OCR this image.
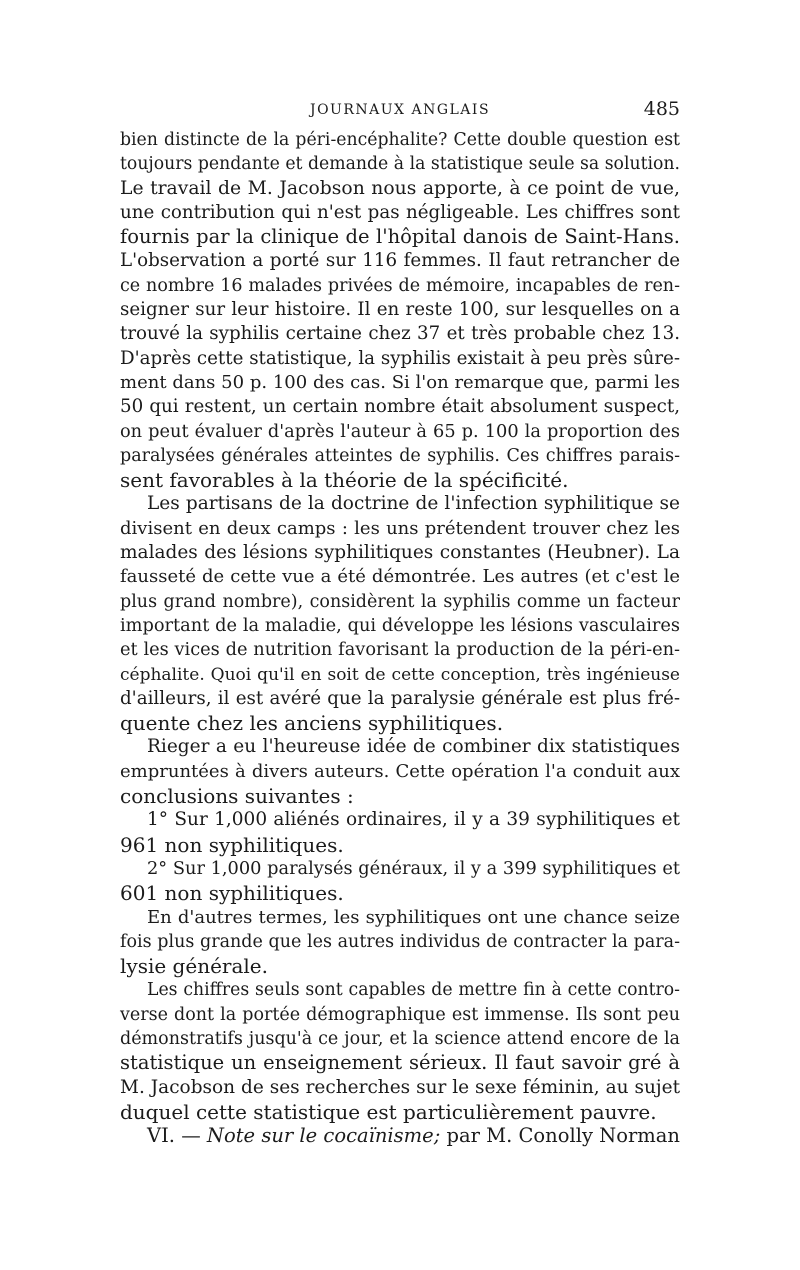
JOURNAUX ANGLAIS	485
bien distincte de la péri-encéphalite? Cette double question est
toujours pendante et demande à la statistique seule sa solution.
Le travail de M. Jacobson nous apporte, à ce point de vue,
une contribution qui n'est pas négligeable. Les chiffres sont
fournis par la clinique de l'hôpital danois de Saint-Hans.
L'observation a porté sur 116 femmes. Il faut retrancher de
ce nombre 16 malades privées de mémoire, incapables de ren-
seigner sur leur histoire. Il en reste 100, sur lesquelles on a
trouvé la syphilis certaine chez 37 et très probable chez 13.
D'après cette statistique, la syphilis existait à peu près sûre-
ment dans 50 p. 100 des cas. Si l'on remarque que, parmi les
50 qui restent, un certain nombre était absolument suspect,
on peut évaluer d'après l'auteur à 65 p. 100 la proportion des
paralysées générales atteintes de syphilis. Ces chiffres parais-
sent favorables à la théorie de la spécificité.
Les partisans de la doctrine de l'infection syphilitique se
divisent en deux camps : les uns prétendent trouver chez les
malades des lésions syphilitiques constantes (Heubner). La
fausseté de cette vue a été démontrée. Les autres (et c'est le
plus grand nombre), considèrent la syphilis comme un facteur
important de la maladie, qui développe les lésions vasculaires
et les vices de nutrition favorisant la production de la péri-en-
céphalite. Quoi qu'il en soit de cette conception, très ingénieuse
d'ailleurs, il est avéré que la paralysie générale est plus fré-
quente chez les anciens syphilitiques.
Rieger a eu l'heureuse idée de combiner dix statistiques
empruntées à divers auteurs. Cette opération l'a conduit aux
conclusions suivantes :
1° Sur 1,000 aliénés ordinaires, il y a 39 syphilitiques et
961 non syphilitiques.
2° Sur 1,000 paralysés généraux, il y a 399 syphilitiques et
601 non syphilitiques.
En d'autres termes, les syphilitiques ont une chance seize
fois plus grande que les autres individus de contracter la para-
lysie générale.
Les chiffres seuls sont capables de mettre fin à cette contro-
verse dont la portée démographique est immense. Ils sont peu
démonstratifs jusqu'à ce jour, et la science attend encore de la
statistique un enseignement sérieux. Il faut savoir gré à
M. Jacobson de ses recherches sur le sexe féminin, au sujet
duquel cette statistique est particulièrement pauvre.
VI. — Note sur le cocaïnisme; par M. Conolly Norman
